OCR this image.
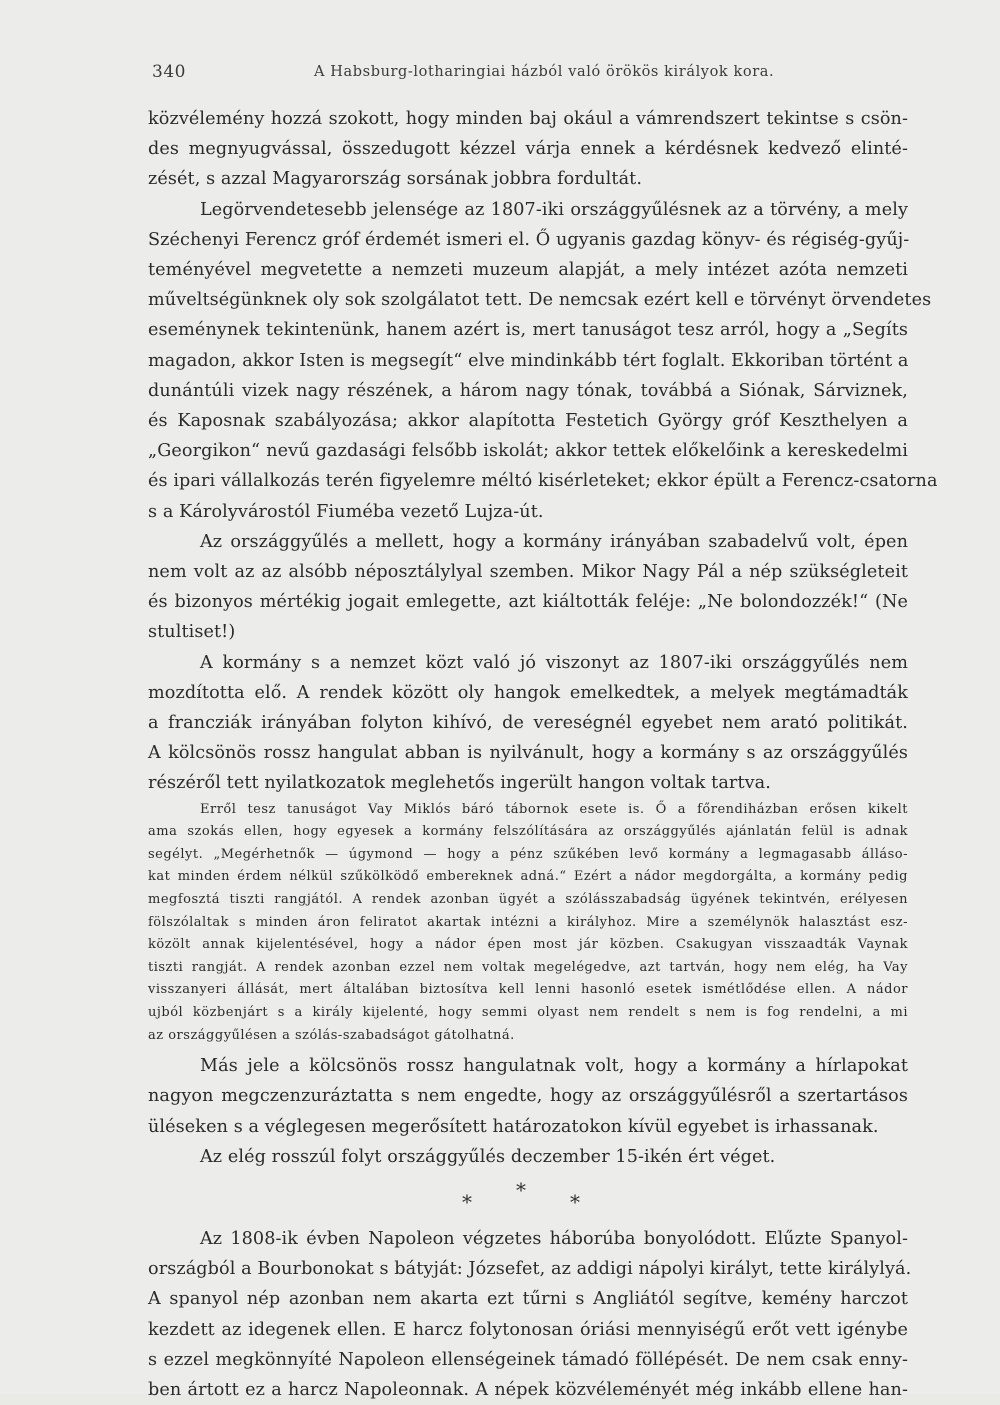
340	A Habsburg-lotharingiai házból való örökös királyok kora.
közvélemény hozzá szokott, hogy minden baj okául a vámrendszert tekintse s csön-
des megnyugvással, összedugott kézzel várja ennek a kérdésnek kedvező elinté-
zését, s azzal Magyarország sorsának jobbra fordultát.
Legörvendetesebb jelensége az 1807-iki országgyűlésnek az a törvény, a mely
Széchenyi Ferencz gróf érdemét ismeri el. Ő ugyanis gazdag könyv- és régiség-gyűj-
teményével megvetette a nemzeti muzeum alapját, a mely intézet azóta nemzeti
műveltségünknek oly sok szolgálatot tett. De nemcsak ezért kell e törvényt örvendetes
eseménynek tekintenünk, hanem azért is, mert tanuságot tesz arról, hogy a „Segíts
magadon, akkor Isten is megsegít“ elve mindinkább tért foglalt. Ekkoriban történt a
dunántúli vizek nagy részének, a három nagy tónak, továbbá a Siónak, Sárviznek,
és Kaposnak szabályozása; akkor alapította Festetich György gróf Keszthelyen a
„Georgikon“ nevű gazdasági felsőbb iskolát; akkor tettek előkelőink a kereskedelmi
és ipari vállalkozás terén figyelemre méltó kisérleteket; ekkor épült a Ferencz-csatorna
s a Károlyvárostól Fiuméba vezető Lujza-út.
Az országgyűlés a mellett, hogy a kormány irányában szabadelvű volt, épen
nem volt az az alsóbb néposztálylyal szemben. Mikor Nagy Pál a nép szükségleteit
és bizonyos mértékig jogait emlegette, azt kiáltották feléje: „Ne bolondozzék!“ (Ne
stultiset!)
A kormány s a nemzet közt való jó viszonyt az 1807-iki országgyűlés nem
mozdította elő. A rendek között oly hangok emelkedtek, a melyek megtámadták
a francziák irányában folyton kihívó, de vereségnél egyebet nem arató politikát.
A kölcsönös rossz hangulat abban is nyilvánult, hogy a kormány s az országgyűlés
részéről tett nyilatkozatok meglehetős ingerült hangon voltak tartva.
Erről tesz tanuságot Vay Miklós báró tábornok esete is. Ő a főrendiházban erősen kikelt
ama szokás ellen, hogy egyesek a kormány felszólítására az országgyűlés ajánlatán felül is adnak
segélyt. „Megérhetnők — úgymond — hogy a pénz szűkében levő kormány a legmagasabb álláso-
kat minden érdem nélkül szűkölködő embereknek adná.“ Ezért a nádor megdorgálta, a kormány pedig
megfosztá tiszti rangjától. A rendek azonban ügyét a szólásszabadság ügyének tekintvén, erélyesen
fölszólaltak s minden áron feliratot akartak intézni a királyhoz. Mire a személynök halasztást esz-
közölt annak kijelentésével, hogy a nádor épen most jár közben. Csakugyan visszaadták Vaynak
tiszti rangját. A rendek azonban ezzel nem voltak megelégedve, azt tartván, hogy nem elég, ha Vay
visszanyeri állását, mert általában biztosítva kell lenni hasonló esetek ismétlődése ellen. A nádor
ujból közbenjárt s a király kijelenté, hogy semmi olyast nem rendelt s nem is fog rendelni, a mi
az országgyűlésen a szólás-szabadságot gátolhatná.
Más jele a kölcsönös rossz hangulatnak volt, hogy a kormány a hírlapokat
nagyon megczenzuráztatta s nem engedte, hogy az országgyűlésről a szertartásos
üléseken s a véglegesen megerősített határozatokon kívül egyebet is irhassanak.
Az elég rosszúl folyt országgyűlés deczember 15-ikén ért véget.
* * *
Az 1808-ik évben Napoleon végzetes háborúba bonyolódott. Elűzte Spanyol-
országból a Bourbonokat s bátyját: Józsefet, az addigi nápolyi királyt, tette királylyá.
A spanyol nép azonban nem akarta ezt tűrni s Angliától segítve, kemény harczot
kezdett az idegenek ellen. E harcz folytonosan óriási mennyiségű erőt vett igénybe
s ezzel megkönnyíté Napoleon ellenségeinek támadó föllépését. De nem csak enny-
ben ártott ez a harcz Napoleonnak. A népek közvéleményét még inkább ellene han-
